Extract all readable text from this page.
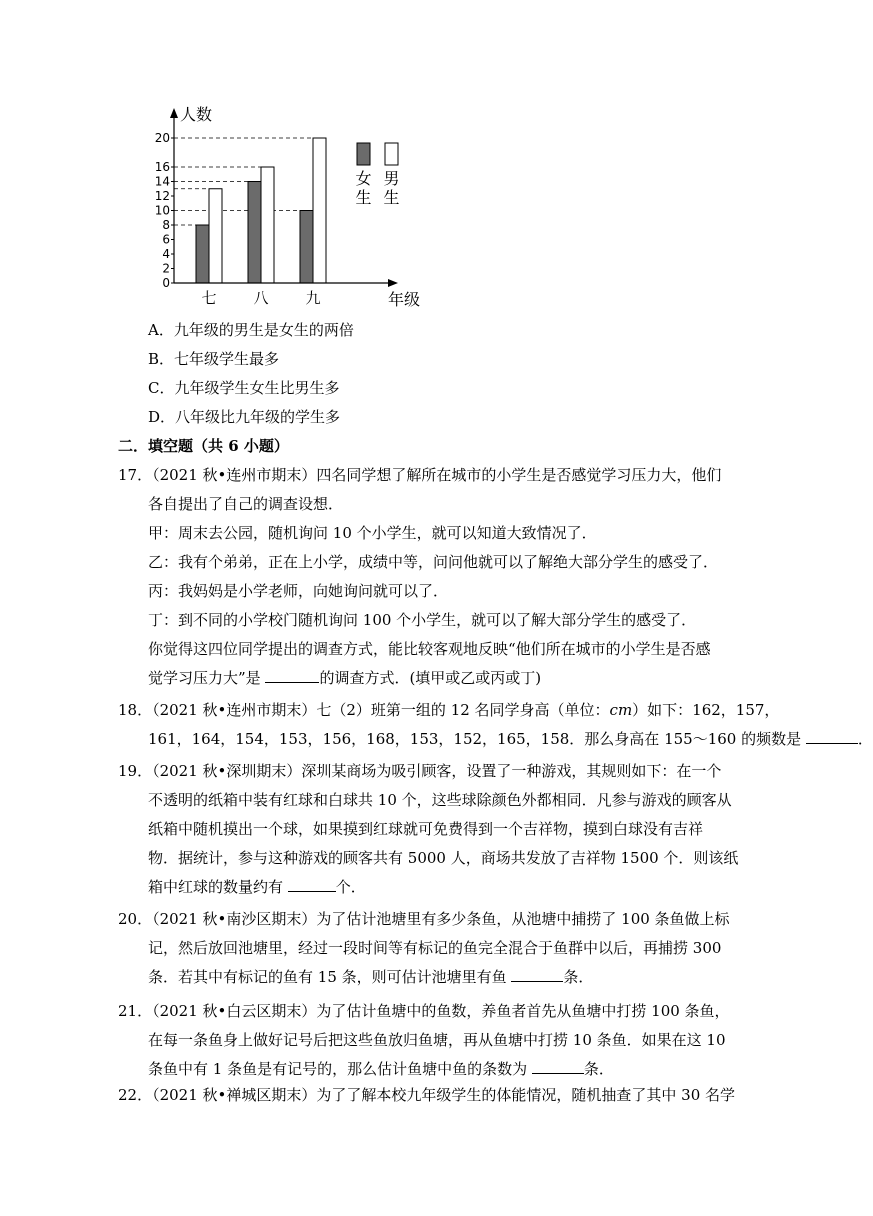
人数
年级
0
2
4
6
8
10
12
14
16
20
七 八 九
女生
男生
A．九年级的男生是女生的两倍
B．七年级学生最多
C．九年级学生女生比男生多
D．八年级比九年级的学生多
二．填空题（共 6 小题）
17．（2021 秋•连州市期末）四名同学想了解所在城市的小学生是否感觉学习压力大，他们
各自提出了自己的调查设想．
甲：周末去公园，随机询问 10 个小学生，就可以知道大致情况了．
乙：我有个弟弟，正在上小学，成绩中等，问问他就可以了解绝大部分学生的感受了．
丙：我妈妈是小学老师，向她询问就可以了．
丁：到不同的小学校门随机询问 100 个小学生，就可以了解大部分学生的感受了．
你觉得这四位同学提出的调查方式，能比较客观地反映“他们所在城市的小学生是否感
觉学习压力大”是	的调查方式．(填甲或乙或丙或丁)
18．（2021 秋•连州市期末）七（2）班第一组的 12 名同学身高（单位：cm）如下：162，157，
161，164，154，153，156，168，153，152，165，158．那么身高在 155～160 的频数是	．
19．（2021 秋•深圳期末）深圳某商场为吸引顾客，设置了一种游戏，其规则如下：在一个
不透明的纸箱中装有红球和白球共 10 个，这些球除颜色外都相同．凡参与游戏的顾客从
纸箱中随机摸出一个球，如果摸到红球就可免费得到一个吉祥物，摸到白球没有吉祥
物．据统计，参与这种游戏的顾客共有 5000 人，商场共发放了吉祥物 1500 个．则该纸
箱中红球的数量约有	个．
20．（2021 秋•南沙区期末）为了估计池塘里有多少条鱼，从池塘中捕捞了 100 条鱼做上标
记，然后放回池塘里，经过一段时间等有标记的鱼完全混合于鱼群中以后，再捕捞 300
条．若其中有标记的鱼有 15 条，则可估计池塘里有鱼	条．
21．（2021 秋•白云区期末）为了估计鱼塘中的鱼数，养鱼者首先从鱼塘中打捞 100 条鱼，
在每一条鱼身上做好记号后把这些鱼放归鱼塘，再从鱼塘中打捞 10 条鱼．如果在这 10
条鱼中有 1 条鱼是有记号的，那么估计鱼塘中鱼的条数为	条．
22．（2021 秋•禅城区期末）为了了解本校九年级学生的体能情况，随机抽查了其中 30 名学
